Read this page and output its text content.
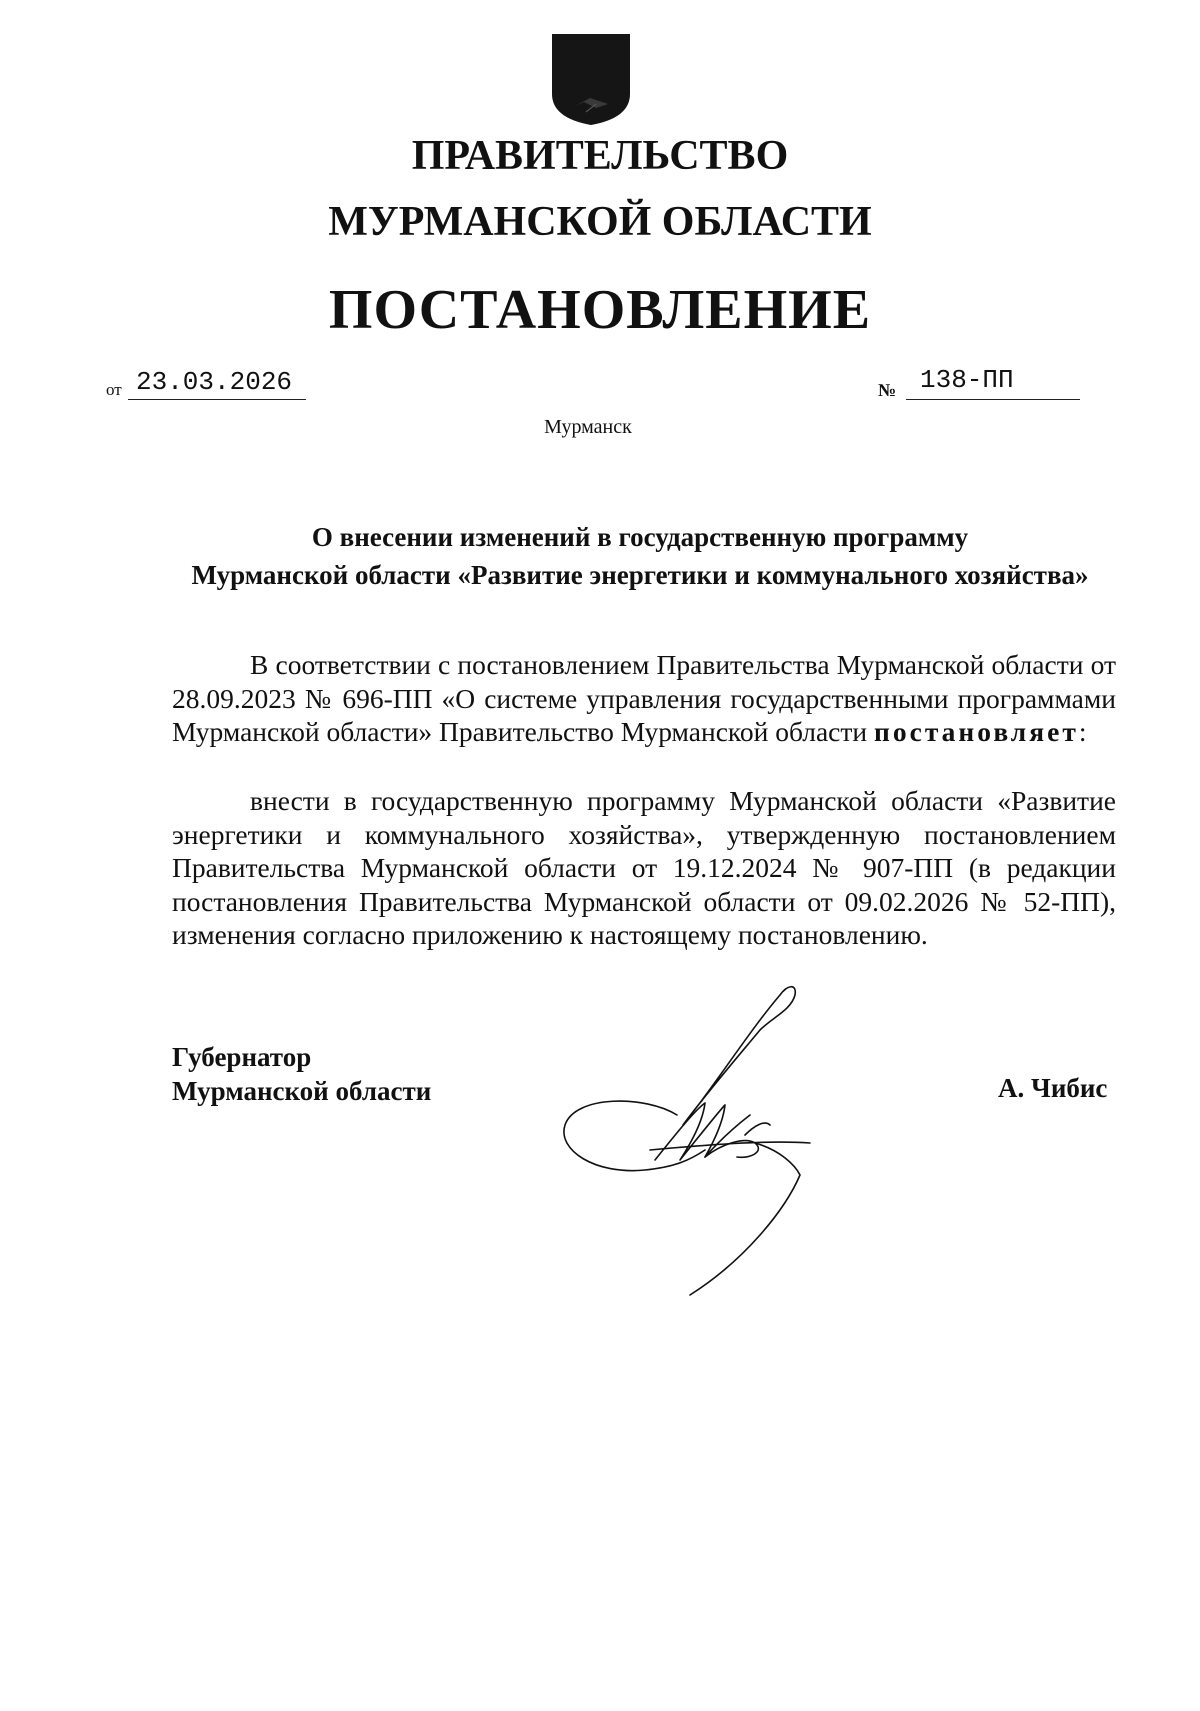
ПРАВИТЕЛЬСТВО
МУРМАНСКОЙ ОБЛАСТИ
ПОСТАНОВЛЕНИЕ
от 23.03.2026	№ 138-ПП
Мурманск
О внесении изменений в государственную программу
Мурманской области «Развитие энергетики и коммунального хозяйства»
В соответствии с постановлением Правительства Мурманской области от 28.09.2023 № 696-ПП «О системе управления государственными программами Мурманской области» Правительство Мурманской области постановляет:
внести в государственную программу Мурманской области «Развитие энергетики и коммунального хозяйства», утвержденную постановлением Правительства Мурманской области от 19.12.2024 № 907-ПП (в редакции постановления Правительства Мурманской области от 09.02.2026 № 52-ПП), изменения согласно приложению к настоящему постановлению.
Губернатор
Мурманской области	А. Чибис
